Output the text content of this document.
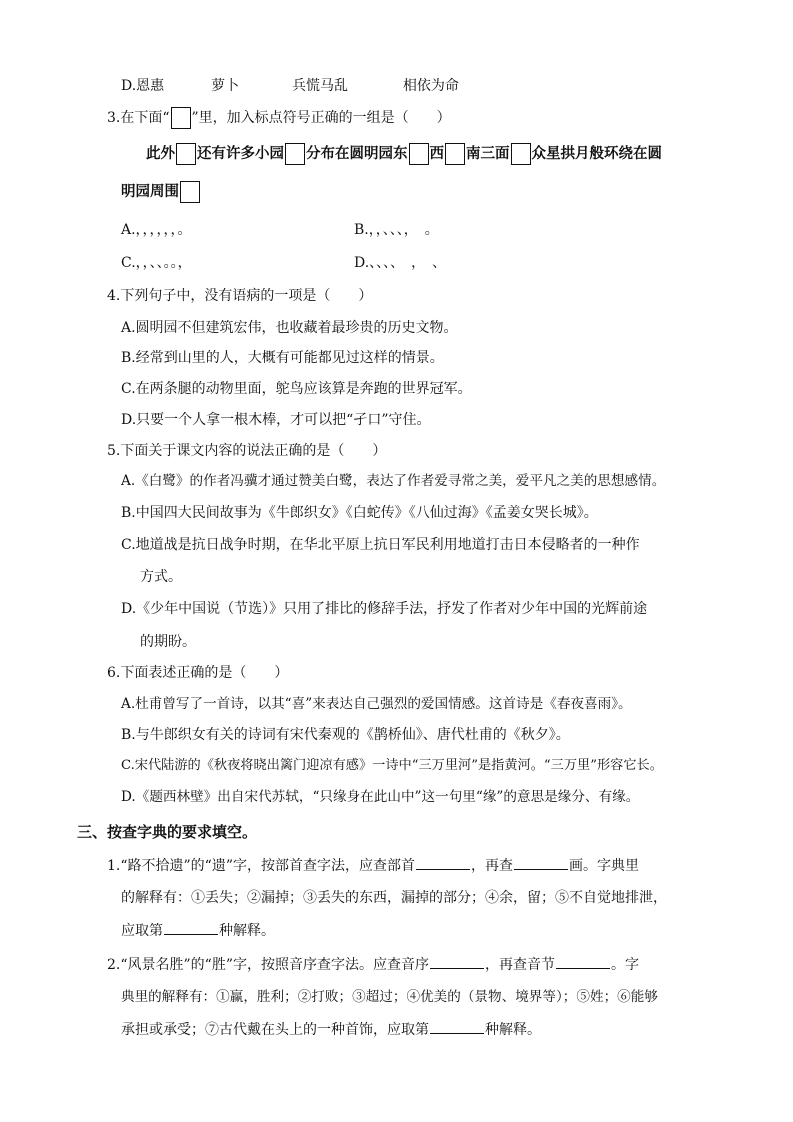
D.恩惠	萝卜	兵慌马乱	相依为命
3.在下面“ ”里，加入标点符号正确的一组是（　　）
此外 还有许多小园 分布在圆明园东 西 南三面 众星拱月般环绕在圆
明园周围
A.，，，，，，。	B.，，、、、，　。
C.，，、、。。，	D.、、、、　，　、
4.下列句子中，没有语病的一项是（　　）
A.圆明园不但建筑宏伟，也收藏着最珍贵的历史文物。
B.经常到山里的人，大概有可能都见过这样的情景。
C.在两条腿的动物里面，鸵鸟应该算是奔跑的世界冠军。
D.只要一个人拿一根木棒，才可以把“孑口”守住。
5.下面关于课文内容的说法正确的是（　　）
A.《白鹭》的作者冯骥才通过赞美白鹭，表达了作者爱寻常之美，爱平凡之美的思想感情。
B.中国四大民间故事为《牛郎织女》《白蛇传》《八仙过海》《孟姜女哭长城》。
C.地道战是抗日战争时期，在华北平原上抗日军民利用地道打击日本侵略者的一种作
方式。
D.《少年中国说（节选）》只用了排比的修辞手法，抒发了作者对少年中国的光辉前途
的期盼。
6.下面表述正确的是（　　）
A.杜甫曾写了一首诗，以其“喜”来表达自己强烈的爱国情感。这首诗是《春夜喜雨》。
B.与牛郎织女有关的诗词有宋代秦观的《鹊桥仙》、唐代杜甫的《秋夕》。
C.宋代陆游的《秋夜将晓出篱门迎凉有感》一诗中“三万里河”是指黄河。“三万里”形容它长。
D.《题西林壁》出自宋代苏轼，“只缘身在此山中”这一句里“缘”的意思是缘分、有缘。
三、按查字典的要求填空。
1.“路不拾遗”的“遗”字，按部首查字法，应查部首	，再查	画。字典里
的解释有：①丢失；②漏掉；③丢失的东西，漏掉的部分；④余，留；⑤不自觉地排泄，
应取第	种解释。
2.“风景名胜”的“胜”字，按照音序查字法。应查音序	，再查音节	。字
典里的解释有：①赢，胜利；②打败；③超过；④优美的（景物、境界等）；⑤姓；⑥能够
承担或承受；⑦古代戴在头上的一种首饰，应取第	种解释。
